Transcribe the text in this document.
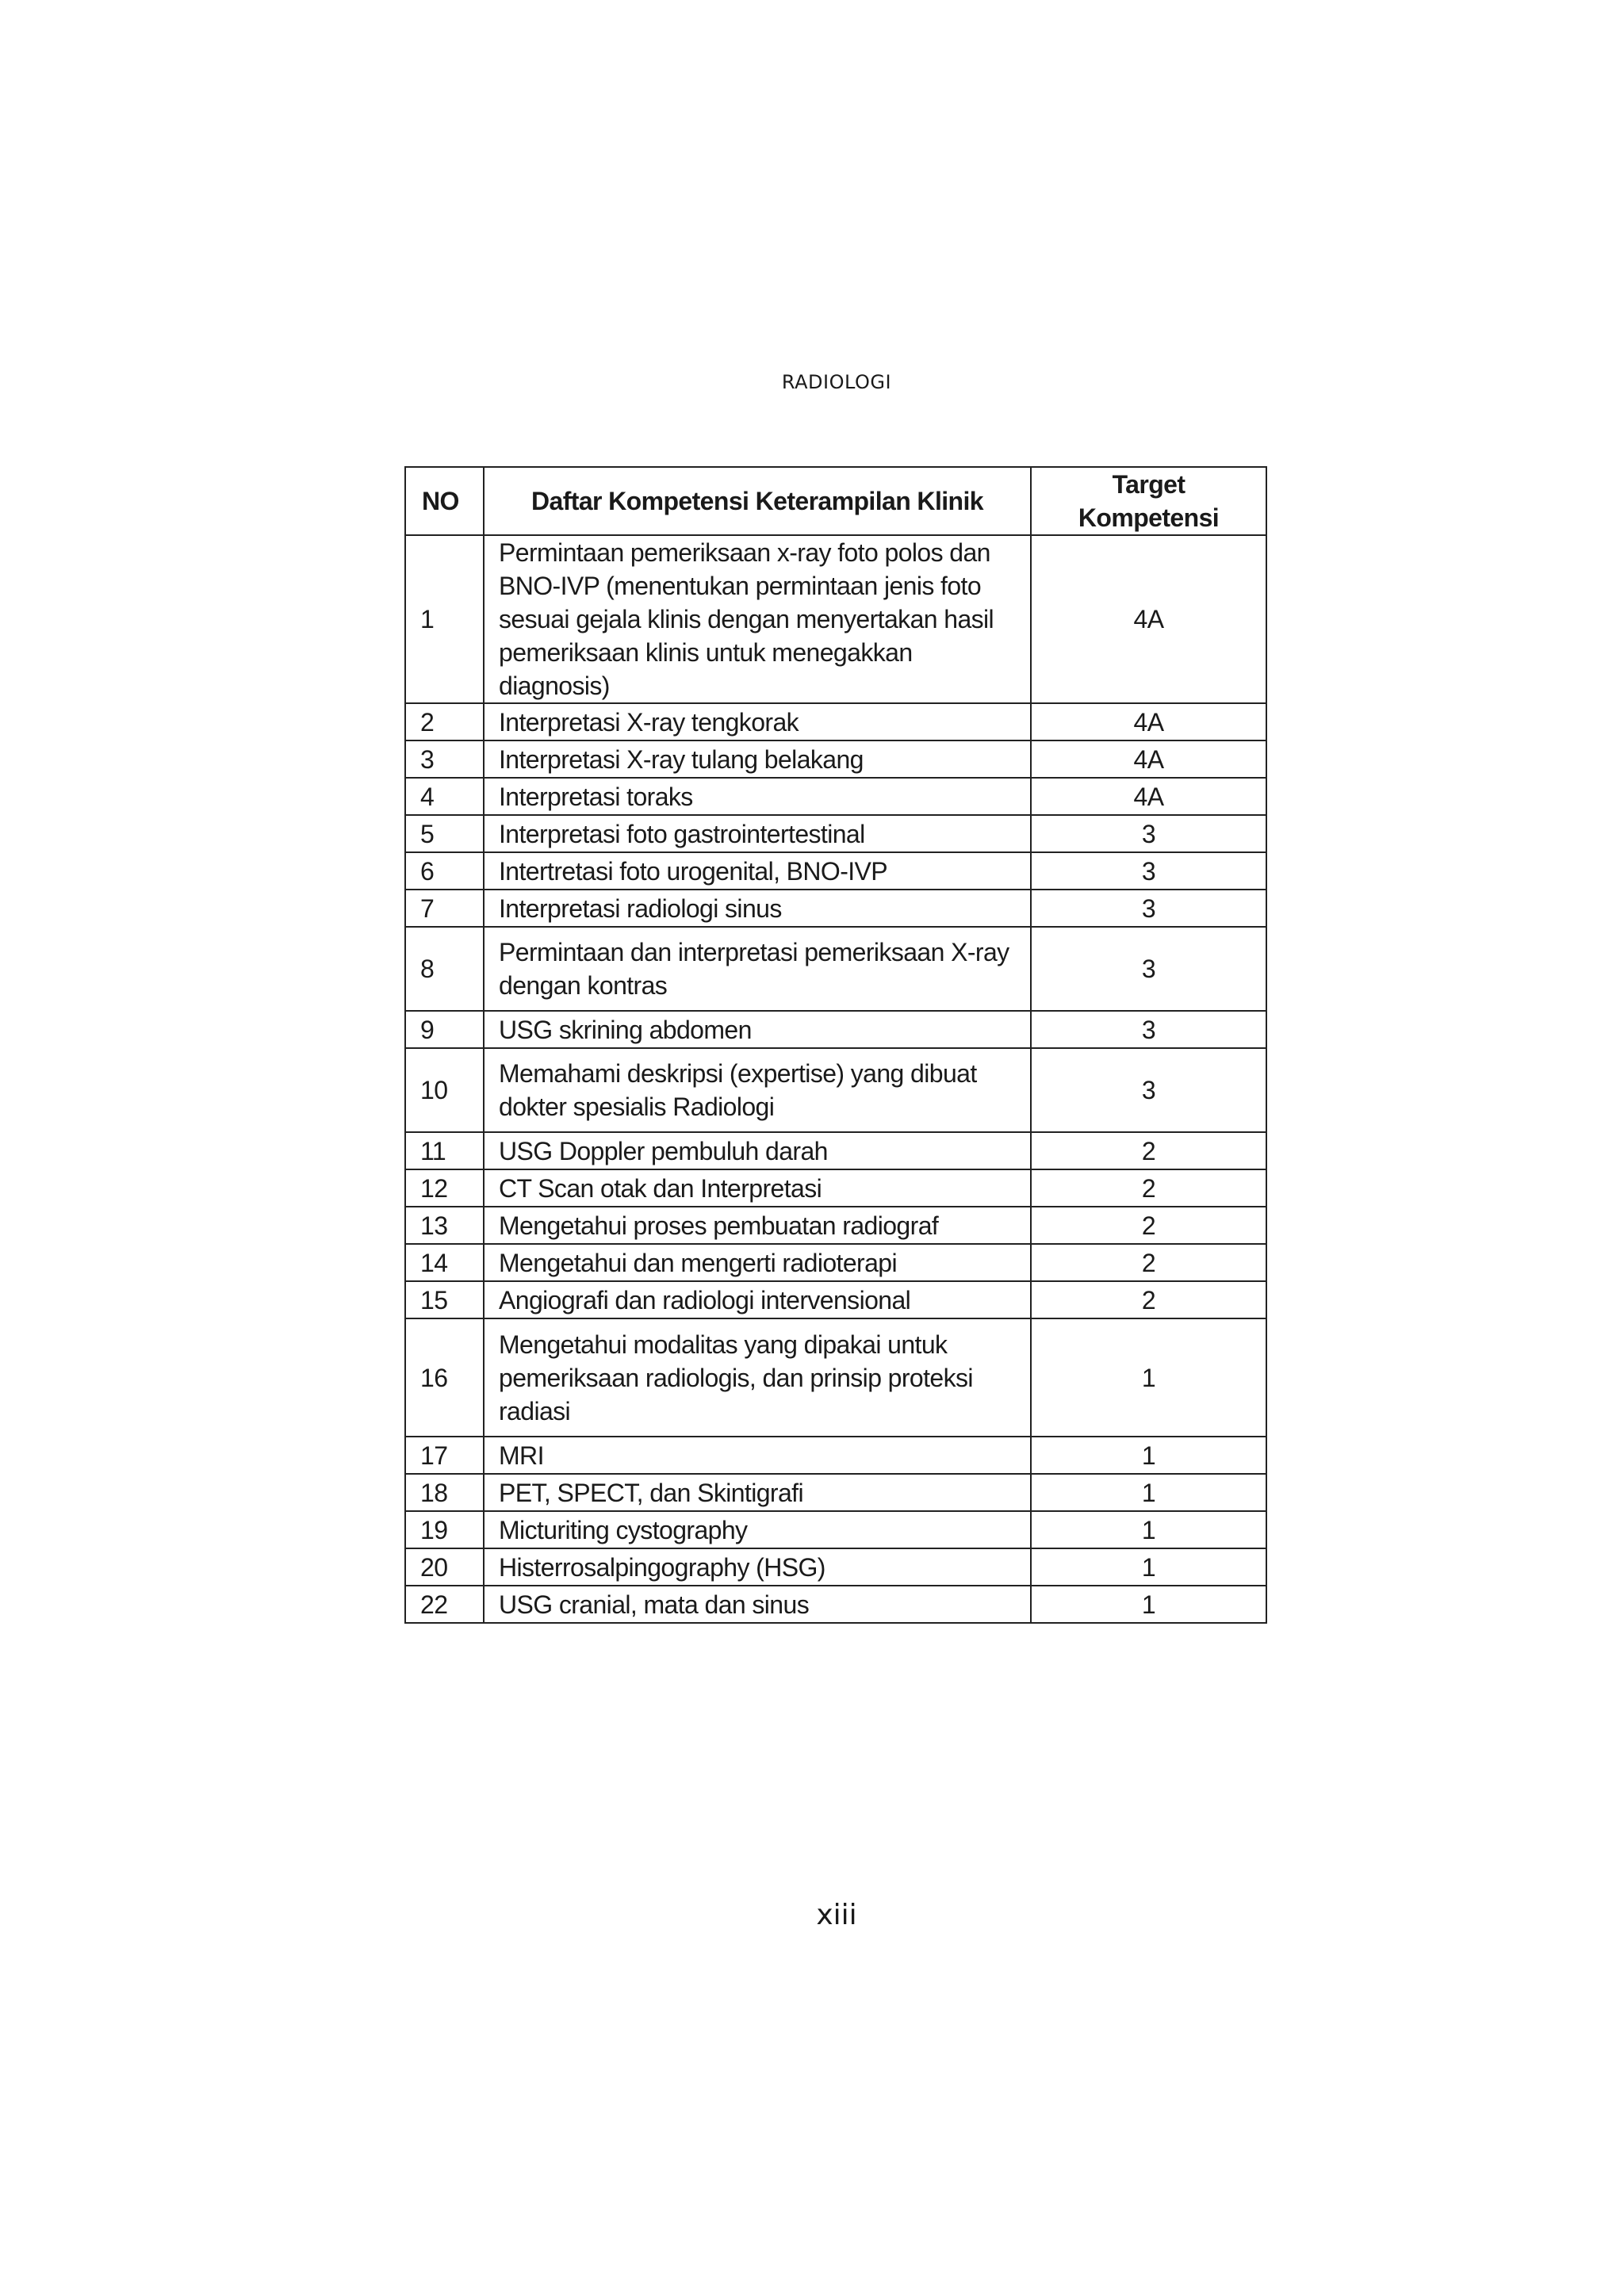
RADIOLOGI
NO	Daftar Kompetensi Keterampilan Klinik	Target Kompetensi
1	Permintaan pemeriksaan x-ray foto polos dan BNO-IVP (menentukan permintaan jenis foto sesuai gejala klinis dengan menyertakan hasil pemeriksaan klinis untuk menegakkan diagnosis)	4A
2	Interpretasi X-ray tengkorak	4A
3	Interpretasi X-ray tulang belakang	4A
4	Interpretasi toraks	4A
5	Interpretasi foto gastrointertestinal	3
6	Intertretasi foto urogenital, BNO-IVP	3
7	Interpretasi radiologi sinus	3
8	Permintaan dan interpretasi pemeriksaan X-ray dengan kontras	3
9	USG skrining abdomen	3
10	Memahami deskripsi (expertise) yang dibuat dokter spesialis Radiologi	3
11	USG Doppler pembuluh darah	2
12	CT Scan otak dan Interpretasi	2
13	Mengetahui proses pembuatan radiograf	2
14	Mengetahui dan mengerti radioterapi	2
15	Angiografi dan radiologi intervensional	2
16	Mengetahui modalitas yang dipakai untuk pemeriksaan radiologis, dan prinsip proteksi radiasi	1
17	MRI	1
18	PET, SPECT, dan Skintigrafi	1
19	Micturiting cystography	1
20	Histerrosalpingography (HSG)	1
22	USG cranial, mata dan sinus	1
xiii
